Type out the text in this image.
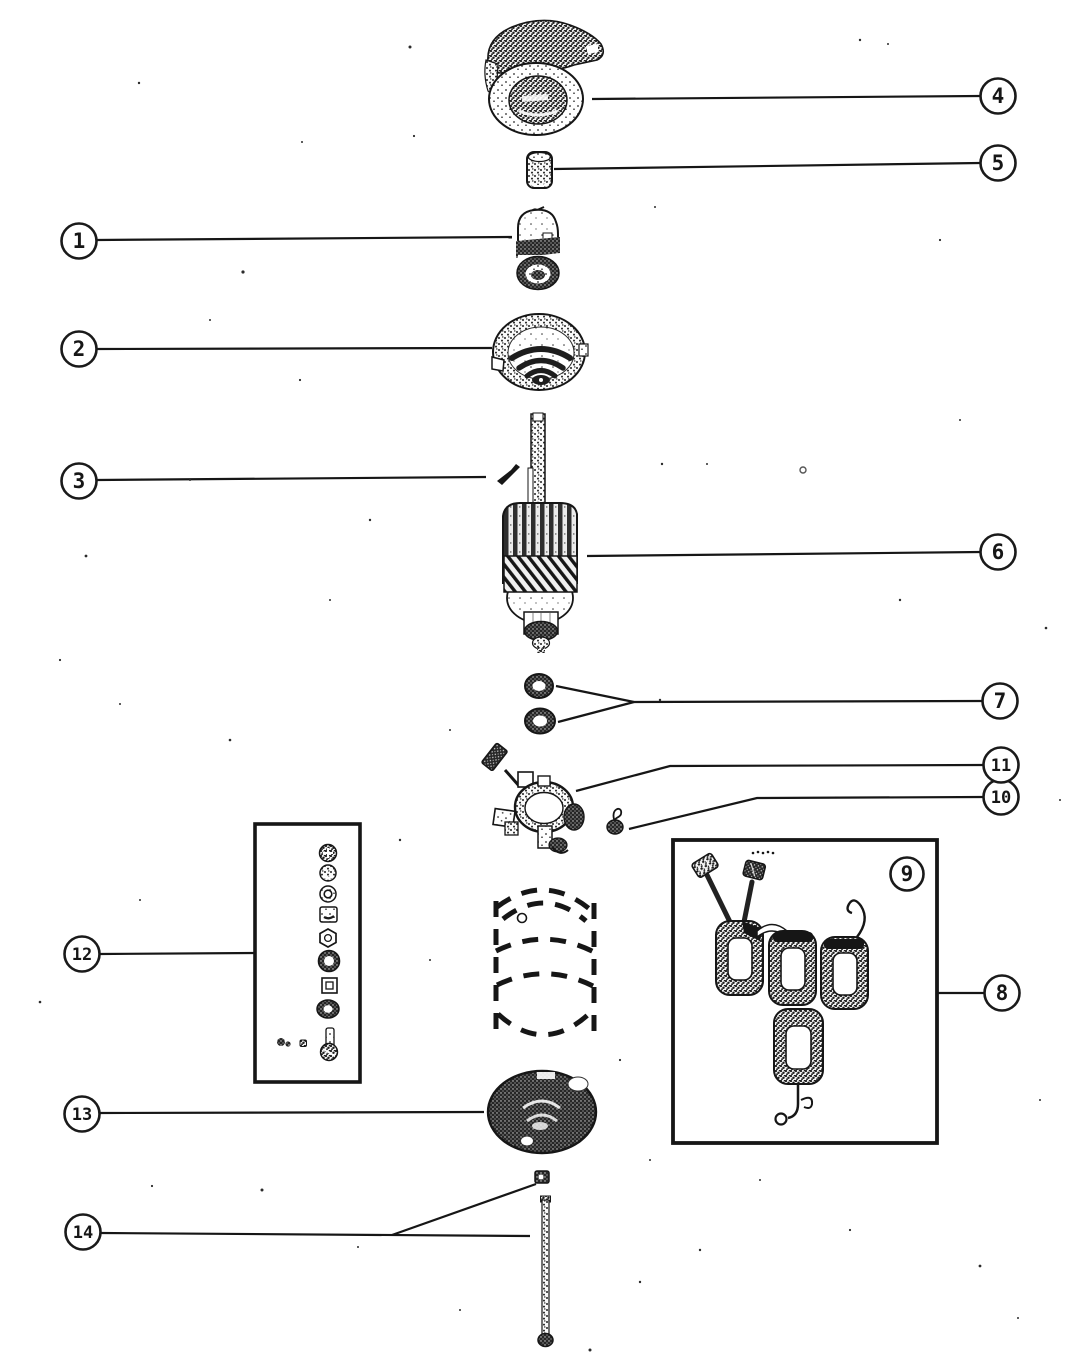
1
2
3
4
5
6
7
8
9
10
11
12
13
14
